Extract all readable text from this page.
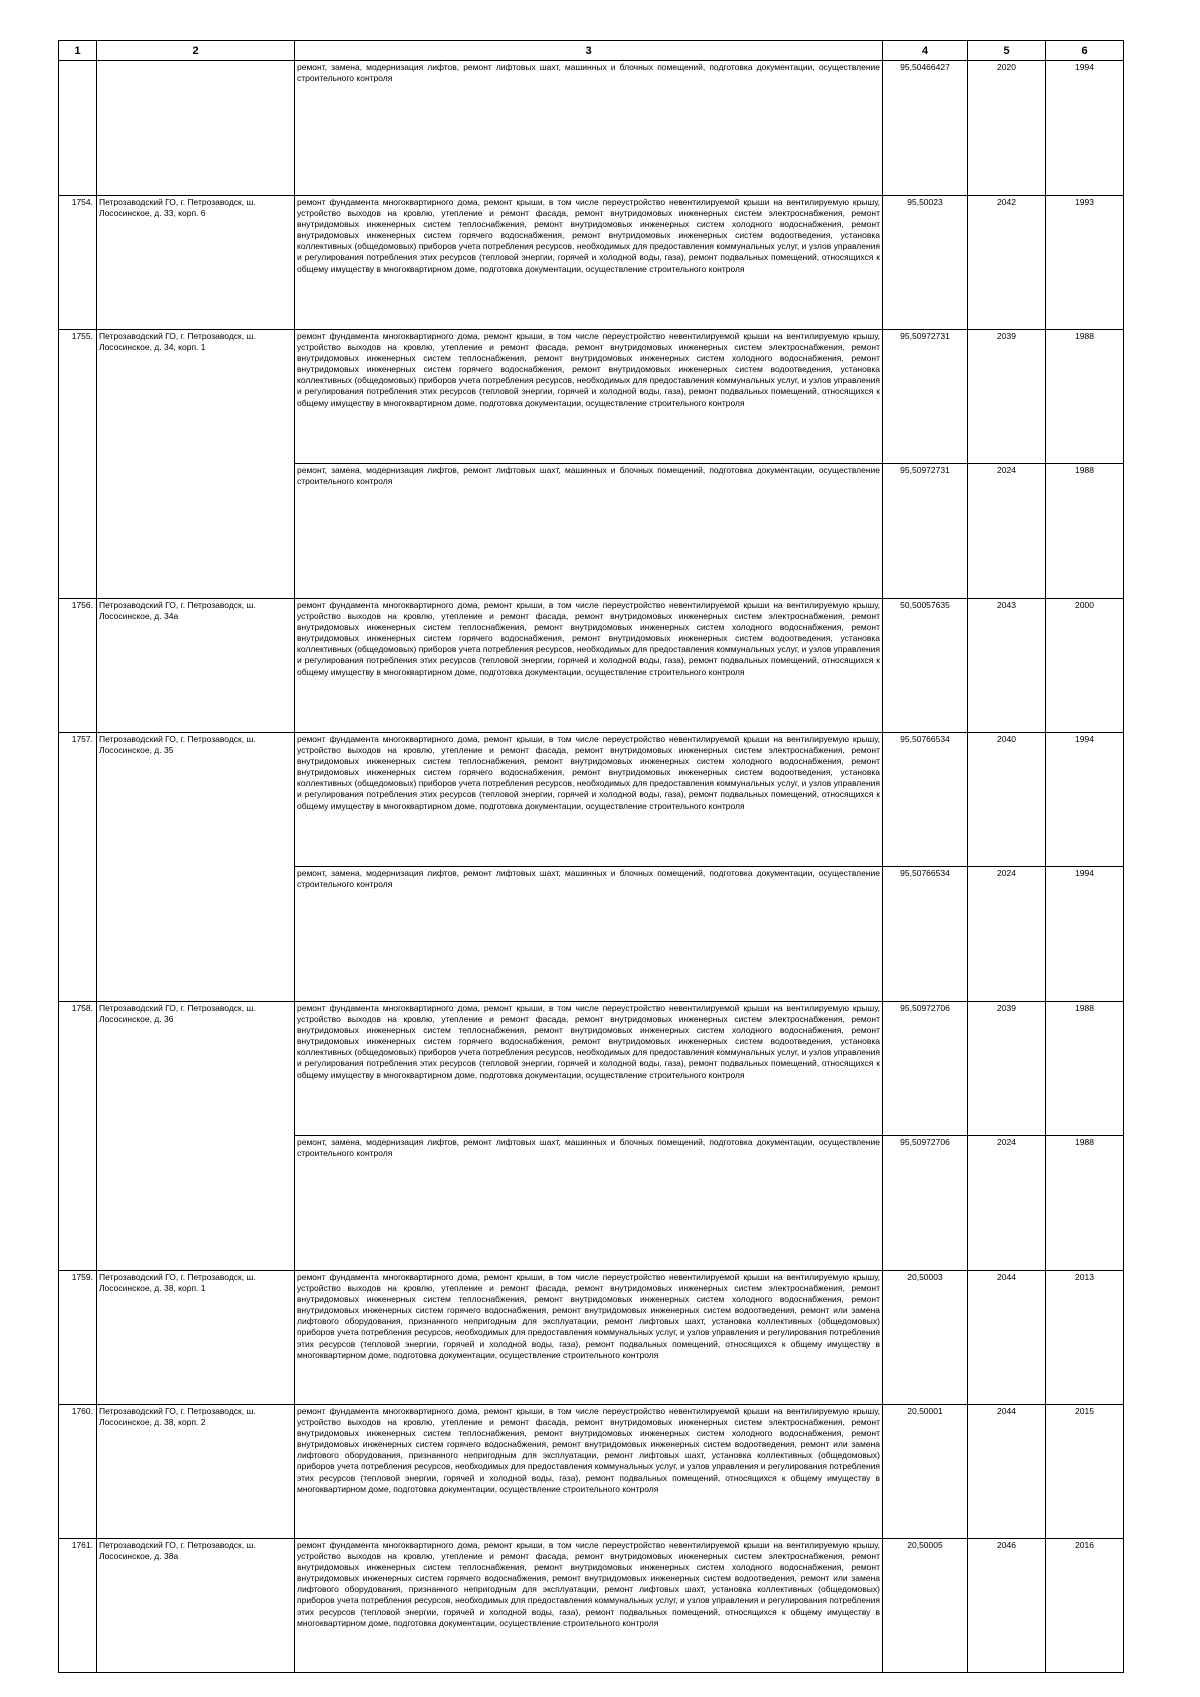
1	2	3	4	5	6
		ремонт, замена, модернизация лифтов, ремонт лифтовых шахт, машинных и блочных помещений, подготовка документации, осуществление строительного контроля	95,50466427	2020	1994
1754.	Петрозаводский ГО, г. Петрозаводск, ш. Лососинское, д. 33, корп. 6	ремонт фундамента многоквартирного дома, ремонт крыши, в том числе переустройство невентилируемой крыши на вентилируемую крышу, устройство выходов на кровлю, утепление и ремонт фасада, ремонт внутридомовых инженерных систем электроснабжения, ремонт внутридомовых инженерных систем теплоснабжения, ремонт внутридомовых инженерных систем холодного водоснабжения, ремонт внутридомовых инженерных систем горячего водоснабжения, ремонт внутридомовых инженерных систем водоотведения, установка коллективных (общедомовых) приборов учета потребления ресурсов, необходимых для предоставления коммунальных услуг, и узлов управления и регулирования потребления этих ресурсов (тепловой энергии, горячей и холодной воды, газа), ремонт подвальных помещений, относящихся к общему имуществу в многоквартирном доме, подготовка документации, осуществление строительного контроля	95,50023	2042	1993
1755.	Петрозаводский ГО, г. Петрозаводск, ш. Лососинское, д. 34, корп. 1	ремонт фундамента многоквартирного дома, ремонт крыши, в том числе переустройство невентилируемой крыши на вентилируемую крышу, устройство выходов на кровлю, утепление и ремонт фасада, ремонт внутридомовых инженерных систем электроснабжения, ремонт внутридомовых инженерных систем теплоснабжения, ремонт внутридомовых инженерных систем холодного водоснабжения, ремонт внутридомовых инженерных систем горячего водоснабжения, ремонт внутридомовых инженерных систем водоотведения, установка коллективных (общедомовых) приборов учета потребления ресурсов, необходимых для предоставления коммунальных услуг, и узлов управления и регулирования потребления этих ресурсов (тепловой энергии, горячей и холодной воды, газа), ремонт подвальных помещений, относящихся к общему имуществу в многоквартирном доме, подготовка документации, осуществление строительного контроля	95,50972731	2039	1988
		ремонт, замена, модернизация лифтов, ремонт лифтовых шахт, машинных и блочных помещений, подготовка документации, осуществление строительного контроля	95,50972731	2024	1988
1756.	Петрозаводский ГО, г. Петрозаводск, ш. Лососинское, д. 34а	ремонт фундамента многоквартирного дома, ремонт крыши, в том числе переустройство невентилируемой крыши на вентилируемую крышу, устройство выходов на кровлю, утепление и ремонт фасада, ремонт внутридомовых инженерных систем электроснабжения, ремонт внутридомовых инженерных систем теплоснабжения, ремонт внутридомовых инженерных систем холодного водоснабжения, ремонт внутридомовых инженерных систем горячего водоснабжения, ремонт внутридомовых инженерных систем водоотведения, установка коллективных (общедомовых) приборов учета потребления ресурсов, необходимых для предоставления коммунальных услуг, и узлов управления и регулирования потребления этих ресурсов (тепловой энергии, горячей и холодной воды, газа), ремонт подвальных помещений, относящихся к общему имуществу в многоквартирном доме, подготовка документации, осуществление строительного контроля	50,50057635	2043	2000
1757.	Петрозаводский ГО, г. Петрозаводск, ш. Лососинское, д. 35	ремонт фундамента многоквартирного дома, ремонт крыши, в том числе переустройство невентилируемой крыши на вентилируемую крышу, устройство выходов на кровлю, утепление и ремонт фасада, ремонт внутридомовых инженерных систем электроснабжения, ремонт внутридомовых инженерных систем теплоснабжения, ремонт внутридомовых инженерных систем холодного водоснабжения, ремонт внутридомовых инженерных систем горячего водоснабжения, ремонт внутридомовых инженерных систем водоотведения, установка коллективных (общедомовых) приборов учета потребления ресурсов, необходимых для предоставления коммунальных услуг, и узлов управления и регулирования потребления этих ресурсов (тепловой энергии, горячей и холодной воды, газа), ремонт подвальных помещений, относящихся к общему имуществу в многоквартирном доме, подготовка документации, осуществление строительного контроля	95,50766534	2040	1994
		ремонт, замена, модернизация лифтов, ремонт лифтовых шахт, машинных и блочных помещений, подготовка документации, осуществление строительного контроля	95,50766534	2024	1994
1758.	Петрозаводский ГО, г. Петрозаводск, ш. Лососинское, д. 36	ремонт фундамента многоквартирного дома, ремонт крыши, в том числе переустройство невентилируемой крыши на вентилируемую крышу, устройство выходов на кровлю, утепление и ремонт фасада, ремонт внутридомовых инженерных систем электроснабжения, ремонт внутридомовых инженерных систем теплоснабжения, ремонт внутридомовых инженерных систем холодного водоснабжения, ремонт внутридомовых инженерных систем горячего водоснабжения, ремонт внутридомовых инженерных систем водоотведения, установка коллективных (общедомовых) приборов учета потребления ресурсов, необходимых для предоставления коммунальных услуг, и узлов управления и регулирования потребления этих ресурсов (тепловой энергии, горячей и холодной воды, газа), ремонт подвальных помещений, относящихся к общему имуществу в многоквартирном доме, подготовка документации, осуществление строительного контроля	95,50972706	2039	1988
		ремонт, замена, модернизация лифтов, ремонт лифтовых шахт, машинных и блочных помещений, подготовка документации, осуществление строительного контроля	95,50972706	2024	1988
1759.	Петрозаводский ГО, г. Петрозаводск, ш. Лососинское, д. 38, корп. 1	ремонт фундамента многоквартирного дома, ремонт крыши, в том числе переустройство невентилируемой крыши на вентилируемую крышу, устройство выходов на кровлю, утепление и ремонт фасада, ремонт внутридомовых инженерных систем электроснабжения, ремонт внутридомовых инженерных систем теплоснабжения, ремонт внутридомовых инженерных систем холодного водоснабжения, ремонт внутридомовых инженерных систем горячего водоснабжения, ремонт внутридомовых инженерных систем водоотведения, ремонт или замена лифтового оборудования, признанного непригодным для эксплуатации, ремонт лифтовых шахт, установка коллективных (общедомовых) приборов учета потребления ресурсов, необходимых для предоставления коммунальных услуг, и узлов управления и регулирования потребления этих ресурсов (тепловой энергии, горячей и холодной воды, газа), ремонт подвальных помещений, относящихся к общему имуществу в многоквартирном доме, подготовка документации, осуществление строительного контроля	20,50003	2044	2013
1760.	Петрозаводский ГО, г. Петрозаводск, ш. Лососинское, д. 38, корп. 2	ремонт фундамента многоквартирного дома, ремонт крыши, в том числе переустройство невентилируемой крыши на вентилируемую крышу, устройство выходов на кровлю, утепление и ремонт фасада, ремонт внутридомовых инженерных систем электроснабжения, ремонт внутридомовых инженерных систем теплоснабжения, ремонт внутридомовых инженерных систем холодного водоснабжения, ремонт внутридомовых инженерных систем горячего водоснабжения, ремонт внутридомовых инженерных систем водоотведения, ремонт или замена лифтового оборудования, признанного непригодным для эксплуатации, ремонт лифтовых шахт, установка коллективных (общедомовых) приборов учета потребления ресурсов, необходимых для предоставления коммунальных услуг, и узлов управления и регулирования потребления этих ресурсов (тепловой энергии, горячей и холодной воды, газа), ремонт подвальных помещений, относящихся к общему имуществу в многоквартирном доме, подготовка документации, осуществление строительного контроля	20,50001	2044	2015
1761.	Петрозаводский ГО, г. Петрозаводск, ш. Лососинское, д. 38а	ремонт фундамента многоквартирного дома, ремонт крыши, в том числе переустройство невентилируемой крыши на вентилируемую крышу, устройство выходов на кровлю, утепление и ремонт фасада, ремонт внутридомовых инженерных систем электроснабжения, ремонт внутридомовых инженерных систем теплоснабжения, ремонт внутридомовых инженерных систем холодного водоснабжения, ремонт внутридомовых инженерных систем горячего водоснабжения, ремонт внутридомовых инженерных систем водоотведения, ремонт или замена лифтового оборудования, признанного непригодным для эксплуатации, ремонт лифтовых шахт, установка коллективных (общедомовых) приборов учета потребления ресурсов, необходимых для предоставления коммунальных услуг, и узлов управления и регулирования потребления этих ресурсов (тепловой энергии, горячей и холодной воды, газа), ремонт подвальных помещений, относящихся к общему имуществу в многоквартирном доме, подготовка документации, осуществление строительного контроля	20,50005	2046	2016
